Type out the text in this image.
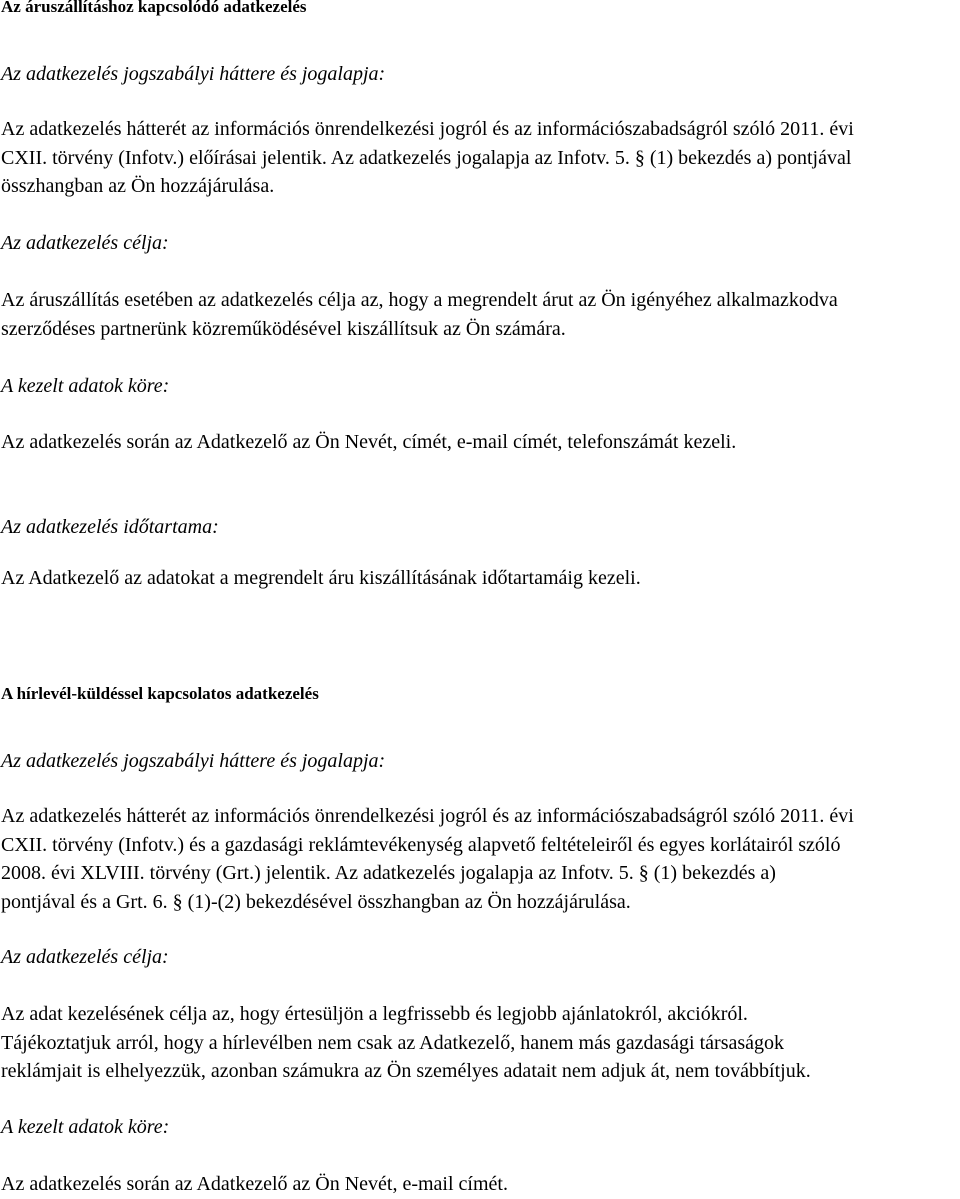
Az áruszállításhoz kapcsolódó adatkezelés
Az adatkezelés jogszabályi háttere és jogalapja:
Az adatkezelés hátterét az információs önrendelkezési jogról és az információszabadságról szóló 2011. évi
CXII. törvény (Infotv.) előírásai jelentik. Az adatkezelés jogalapja az Infotv. 5. § (1) bekezdés a) pontjával
összhangban az Ön hozzájárulása.
Az adatkezelés célja:
Az áruszállítás esetében az adatkezelés célja az, hogy a megrendelt árut az Ön igényéhez alkalmazkodva
szerződéses partnerünk közreműködésével kiszállítsuk az Ön számára.
A kezelt adatok köre:
Az adatkezelés során az Adatkezelő az Ön Nevét, címét, e-mail címét, telefonszámát kezeli.
Az adatkezelés időtartama:
Az Adatkezelő az adatokat a megrendelt áru kiszállításának időtartamáig kezeli.
A hírlevél-küldéssel kapcsolatos adatkezelés
Az adatkezelés jogszabályi háttere és jogalapja:
Az adatkezelés hátterét az információs önrendelkezési jogról és az információszabadságról szóló 2011. évi
CXII. törvény (Infotv.) és a gazdasági reklámtevékenység alapvető feltételeiről és egyes korlátairól szóló
2008. évi XLVIII. törvény (Grt.) jelentik. Az adatkezelés jogalapja az Infotv. 5. § (1) bekezdés a)
pontjával és a Grt. 6. § (1)-(2) bekezdésével összhangban az Ön hozzájárulása.
Az adatkezelés célja:
Az adat kezelésének célja az, hogy értesüljön a legfrissebb és legjobb ajánlatokról, akciókról.
Tájékoztatjuk arról, hogy a hírlevélben nem csak az Adatkezelő, hanem más gazdasági társaságok
reklámjait is elhelyezzük, azonban számukra az Ön személyes adatait nem adjuk át, nem továbbítjuk.
A kezelt adatok köre:
Az adatkezelés során az Adatkezelő az Ön Nevét, e-mail címét.
